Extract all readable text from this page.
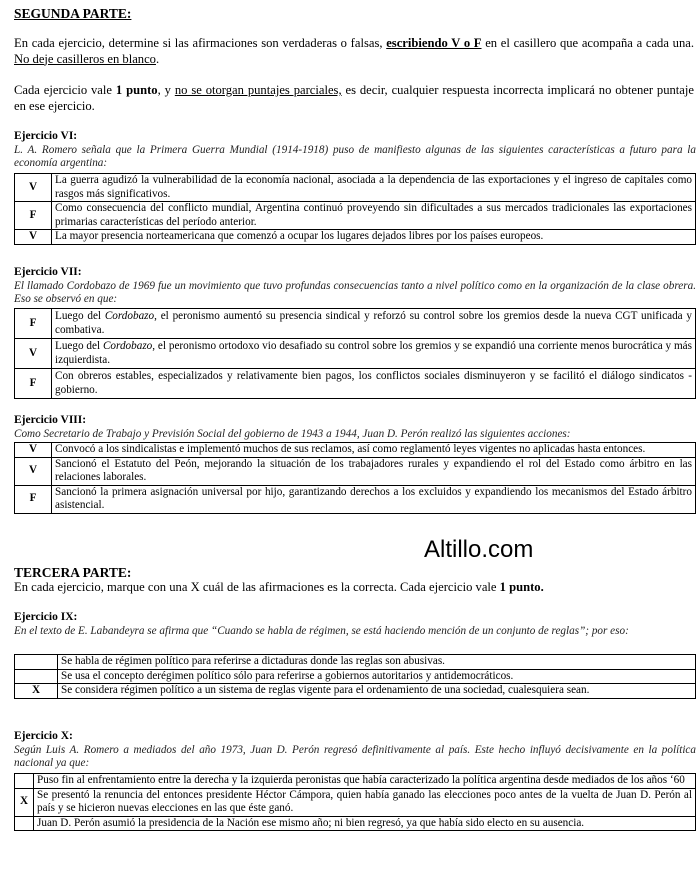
SEGUNDA PARTE:
En cada ejercicio, determine si las afirmaciones son verdaderas o falsas, escribiendo V o F en el casillero que acompaña a cada una. No deje casilleros en blanco.
Cada ejercicio vale 1 punto, y no se otorgan puntajes parciales, es decir, cualquier respuesta incorrecta implicará no obtener puntaje en ese ejercicio.
Ejercicio VI:
L. A. Romero señala que la Primera Guerra Mundial (1914-1918) puso de manifiesto algunas de las siguientes características a futuro para la economía argentina:
V	La guerra agudizó la vulnerabilidad de la economía nacional, asociada a la dependencia de las exportaciones y el ingreso de capitales como rasgos más significativos.
F	Como consecuencia del conflicto mundial, Argentina continuó proveyendo sin dificultades a sus mercados tradicionales las exportaciones primarias características del período anterior.
V	La mayor presencia norteamericana que comenzó a ocupar los lugares dejados libres por los países europeos.
Ejercicio VII:
El llamado Cordobazo de 1969 fue un movimiento que tuvo profundas consecuencias tanto a nivel político como en la organización de la clase obrera. Eso se observó en que:
F	Luego del Cordobazo, el peronismo aumentó su presencia sindical y reforzó su control sobre los gremios desde la nueva CGT unificada y combativa.
V	Luego del Cordobazo, el peronismo ortodoxo vio desafiado su control sobre los gremios y se expandió una corriente menos burocrática y más izquierdista.
F	Con obreros estables, especializados y relativamente bien pagos, los conflictos sociales disminuyeron y se facilitó el diálogo sindicatos - gobierno.
Ejercicio VIII:
Como Secretario de Trabajo y Previsión Social del gobierno de 1943 a 1944, Juan D. Perón realizó las siguientes acciones:
V	Convocó a los sindicalistas e implementó muchos de sus reclamos, así como reglamentó leyes vigentes no aplicadas hasta entonces.
V	Sancionó el Estatuto del Peón, mejorando la situación de los trabajadores rurales y expandiendo el rol del Estado como árbitro en las relaciones laborales.
F	Sancionó la primera asignación universal por hijo, garantizando derechos a los excluidos y expandiendo los mecanismos del Estado árbitro asistencial.
TERCERA PARTE:
En cada ejercicio, marque con una X cuál de las afirmaciones es la correcta. Cada ejercicio vale 1 punto.
Ejercicio IX:
En el texto de E. Labandeyra se afirma que “Cuando se habla de régimen, se está haciendo mención de un conjunto de reglas”; por eso:
	Se habla de régimen político para referirse a dictaduras donde las reglas son abusivas.
	Se usa el concepto derégimen político sólo para referirse a gobiernos autoritarios y antidemocráticos.
X	Se considera régimen político a un sistema de reglas vigente para el ordenamiento de una sociedad, cualesquiera sean.
Ejercicio X:
Según Luis A. Romero a mediados del año 1973, Juan D. Perón regresó definitivamente al país. Este hecho influyó decisivamente en la política nacional ya que:
	Puso fin al enfrentamiento entre la derecha y la izquierda peronistas que había caracterizado la política argentina desde mediados de los años ‘60
X	Se presentó la renuncia del entonces presidente Héctor Cámpora, quien había ganado las elecciones poco antes de la vuelta de Juan D. Perón al país y se hicieron nuevas elecciones en las que éste ganó.
	Juan D. Perón asumió la presidencia de la Nación ese mismo año; ni bien regresó, ya que había sido electo en su ausencia.
Altillo.com
